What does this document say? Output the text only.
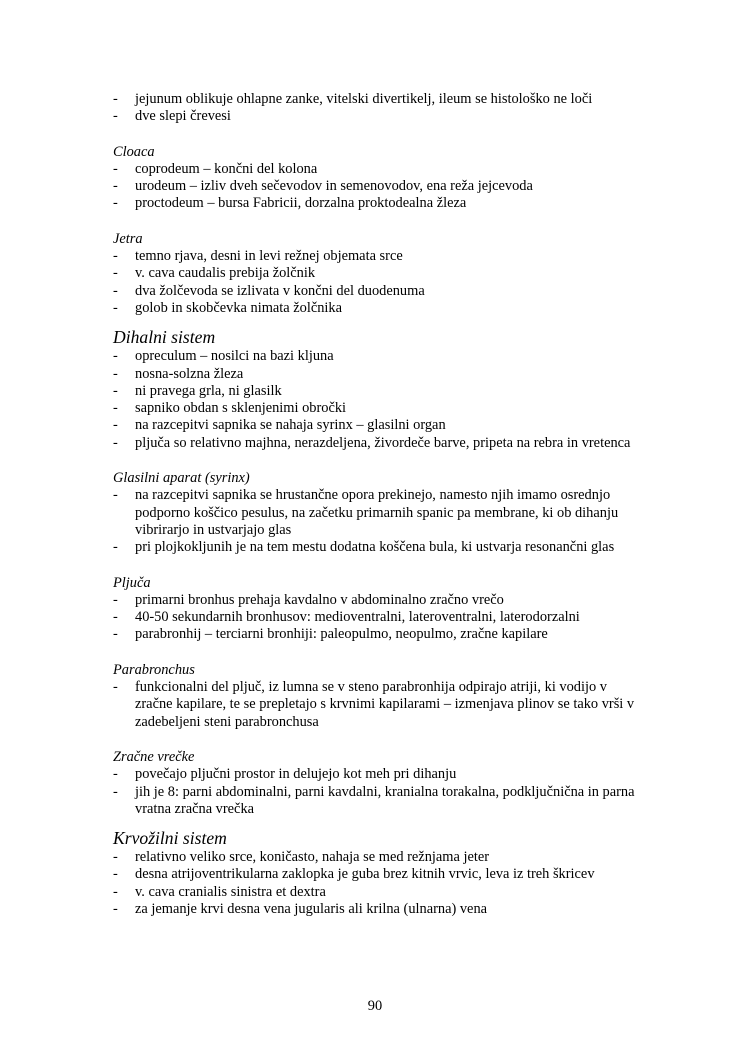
- jejunum oblikuje ohlapne zanke, vitelski divertikelj, ileum se histološko ne loči
- dve slepi črevesi

Cloaca

- coprodeum – končni del kolona
- urodeum – izliv dveh sečevodov in semenovodov, ena reža jejcevoda
- proctodeum – bursa Fabricii, dorzalna proktodealna žleza

Jetra

- temno rjava, desni in levi režnej objemata srce
- v. cava caudalis prebija žolčnik
- dva žolčevoda se izlivata v končni del duodenuma
- golob in skobčevka nimata žolčnika

Dihalni sistem

- opreculum – nosilci na bazi kljuna
- nosna-solzna žleza
- ni pravega grla, ni glasilk
- sapniko obdan s sklenjenimi obročki
- na razcepitvi sapnika se nahaja syrinx – glasilni organ
- pljuča so relativno majhna, nerazdeljena, živordeče barve, pripeta na rebra in vretenca

Glasilni aparat (syrinx)

- na razcepitvi sapnika se hrustančne opora prekinejo, namesto njih imamo osrednjo podporno koščico pesulus, na začetku primarnih spanic pa membrane, ki ob dihanju vibrirarjo in ustvarjajo glas
- pri plojkokljunih je na tem mestu dodatna koščena bula, ki ustvarja resonančni glas

Pljuča

- primarni bronhus prehaja kavdalno v abdominalno zračno vrečo
- 40-50 sekundarnih bronhusov: medioventralni, lateroventralni, laterodorzalni
- parabronhij – terciarni bronhiji: paleopulmo, neopulmo, zračne kapilare

Parabronchus

- funkcionalni del pljuč, iz lumna se v steno parabronhija odpirajo atriji, ki vodijo v zračne kapilare, te se prepletajo s krvnimi kapilarami – izmenjava plinov se tako vrši v zadebeljeni steni parabronchusa

Zračne vrečke

- povečajo pljučni prostor in delujejo kot meh pri dihanju
- jih je 8: parni abdominalni, parni kavdalni, kranialna torakalna, podključnična in parna vratna zračna vrečka

Krvožilni sistem

- relativno veliko srce, koničasto, nahaja se med režnjama jeter
- desna atrijoventrikularna zaklopka je guba brez kitnih vrvic, leva iz treh škricev
- v. cava cranialis sinistra et dextra
- za jemanje krvi desna vena jugularis ali krilna (ulnarna) vena
90
